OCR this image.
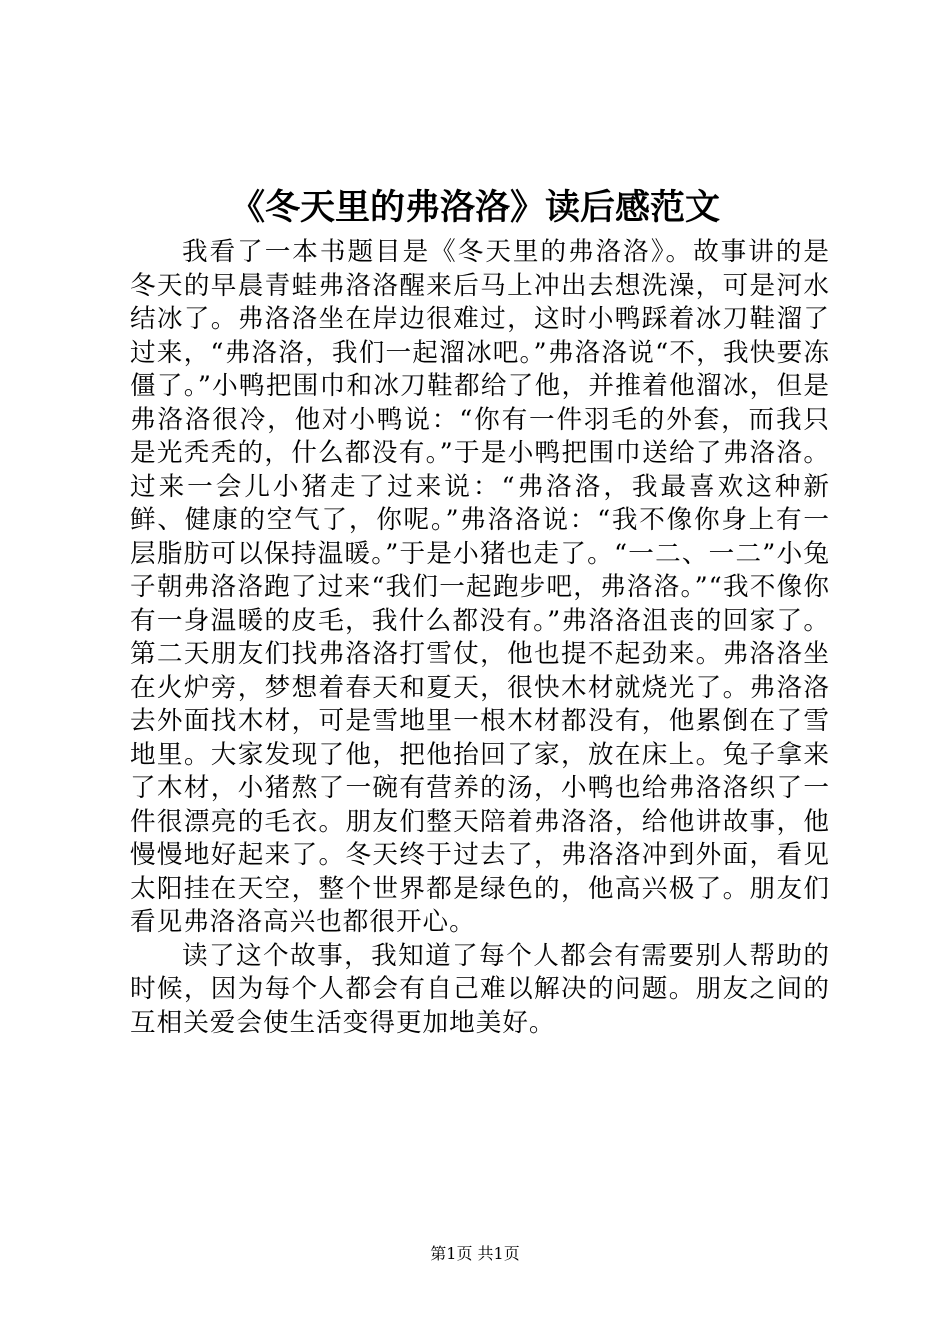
《冬天里的弗洛洛》读后感范文

我看了一本书题目是《冬天里的弗洛洛》。故事讲的是冬天的早晨青蛙弗洛洛醒来后马上冲出去想洗澡，可是河水结冰了。弗洛洛坐在岸边很难过，这时小鸭踩着冰刀鞋溜了过来，“弗洛洛，我们一起溜冰吧。”弗洛洛说“不，我快要冻僵了。”小鸭把围巾和冰刀鞋都给了他，并推着他溜冰，但是弗洛洛很冷，他对小鸭说：“你有一件羽毛的外套，而我只是光秃秃的，什么都没有。”于是小鸭把围巾送给了弗洛洛。过来一会儿小猪走了过来说：“弗洛洛，我最喜欢这种新鲜、健康的空气了，你呢。”弗洛洛说：“我不像你身上有一层脂肪可以保持温暖。”于是小猪也走了。“一二、一二”小兔子朝弗洛洛跑了过来“我们一起跑步吧，弗洛洛。”“我不像你有一身温暖的皮毛，我什么都没有。”弗洛洛沮丧的回家了。第二天朋友们找弗洛洛打雪仗，他也提不起劲来。弗洛洛坐在火炉旁，梦想着春天和夏天，很快木材就烧光了。弗洛洛去外面找木材，可是雪地里一根木材都没有，他累倒在了雪地里。大家发现了他，把他抬回了家，放在床上。兔子拿来了木材，小猪熬了一碗有营养的汤，小鸭也给弗洛洛织了一件很漂亮的毛衣。朋友们整天陪着弗洛洛，给他讲故事，他慢慢地好起来了。冬天终于过去了，弗洛洛冲到外面，看见太阳挂在天空，整个世界都是绿色的，他高兴极了。朋友们看见弗洛洛高兴也都很开心。

读了这个故事，我知道了每个人都会有需要别人帮助的时候，因为每个人都会有自己难以解决的问题。朋友之间的互相关爱会使生活变得更加地美好。

第1页 共1页
